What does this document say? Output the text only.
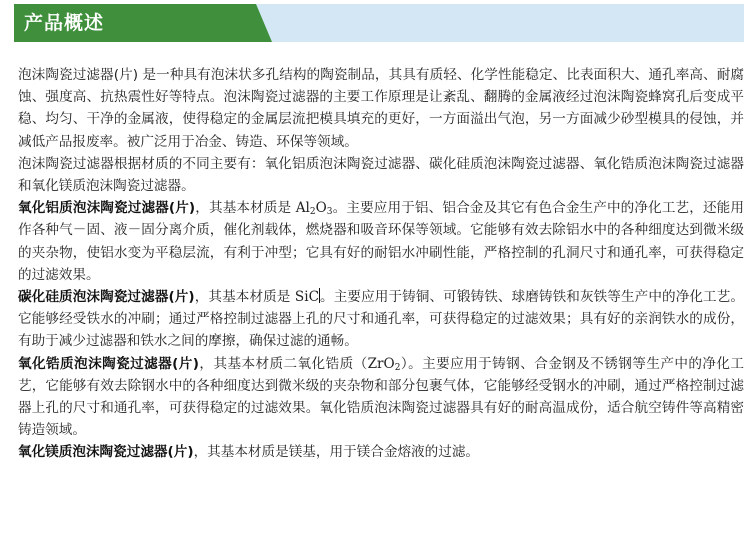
产品概述

泡沫陶瓷过滤器(片) 是一种具有泡沫状多孔结构的陶瓷制品，其具有质轻、化学性能稳定、比表面积大、通孔率高、耐腐蚀、强度高、抗热震性好等特点。泡沫陶瓷过滤器的主要工作原理是让紊乱、翻腾的金属液经过泡沫陶瓷蜂窝孔后变成平稳、均匀、干净的金属液，使得稳定的金属层流把模具填充的更好，一方面溢出气泡，另一方面减少砂型模具的侵蚀，并减低产品报废率。被广泛用于冶金、铸造、环保等领域。

泡沫陶瓷过滤器根据材质的不同主要有：氧化铝质泡沫陶瓷过滤器、碳化硅质泡沫陶瓷过滤器、氧化锆质泡沫陶瓷过滤器和氧化镁质泡沫陶瓷过滤器。

氧化铝质泡沫陶瓷过滤器(片)，其基本材质是 $Al_2O_3$。主要应用于铝、铝合金及其它有色合金生产中的净化工艺，还能用作各种气－固、液－固分离介质，催化剂载体，燃烧器和吸音环保等领域。它能够有效去除铝水中的各种细度达到微米级的夹杂物，使铝水变为平稳层流，有利于冲型；它具有好的耐铝水冲刷性能，严格控制的孔洞尺寸和通孔率，可获得稳定的过滤效果。

碳化硅质泡沫陶瓷过滤器(片)，其基本材质是 SiC。主要应用于铸铜、可锻铸铁、球磨铸铁和灰铁等生产中的净化工艺。它能够经受铁水的冲刷；通过严格控制过滤器上孔的尺寸和通孔率，可获得稳定的过滤效果；具有好的亲润铁水的成份，有助于减少过滤器和铁水之间的摩擦，确保过滤的通畅。

氧化锆质泡沫陶瓷过滤器(片)，其基本材质二氧化锆质（ZrO$_2$）。主要应用于铸钢、合金钢及不锈钢等生产中的净化工艺，它能够有效去除钢水中的各种细度达到微米级的夹杂物和部分包裹气体，它能够经受钢水的冲刷，通过严格控制过滤器上孔的尺寸和通孔率，可获得稳定的过滤效果。氧化锆质泡沫陶瓷过滤器具有好的耐高温成份，适合航空铸件等高精密铸造领域。

氧化镁质泡沫陶瓷过滤器(片)，其基本材质是镁基，用于镁合金熔液的过滤。
